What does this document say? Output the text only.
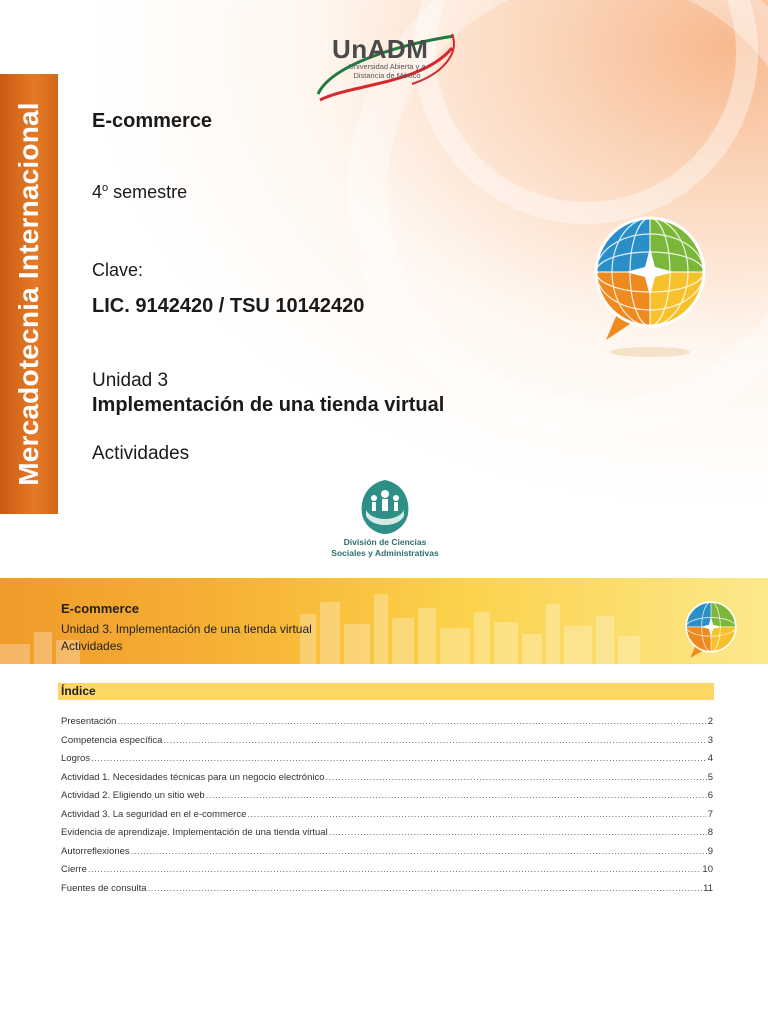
Mercadotecnia Internacional
UnADM
Universidad Abierta y a Distancia de México
E-commerce
4$^o$ semestre
Clave:
LIC. 9142420 / TSU 10142420
Unidad 3
Implementación de una tienda virtual
Actividades
División de Ciencias
Sociales y Administrativas
E-commerce
Unidad 3. Implementación de una tienda virtual
Actividades
Índice
Presentación .....	2
Competencia específica .....	3
Logros .....	4
Actividad 1. Necesidades técnicas para un negocio electrónico .....	5
Actividad 2. Eligiendo un sitio web .....	6
Actividad 3. La seguridad en el e-commerce .....	7
Evidencia de aprendizaje. Implementación de una tienda virtual .....	8
Autorreflexiones .....	9
Cierre .....	10
Fuentes de consulta .....	11
